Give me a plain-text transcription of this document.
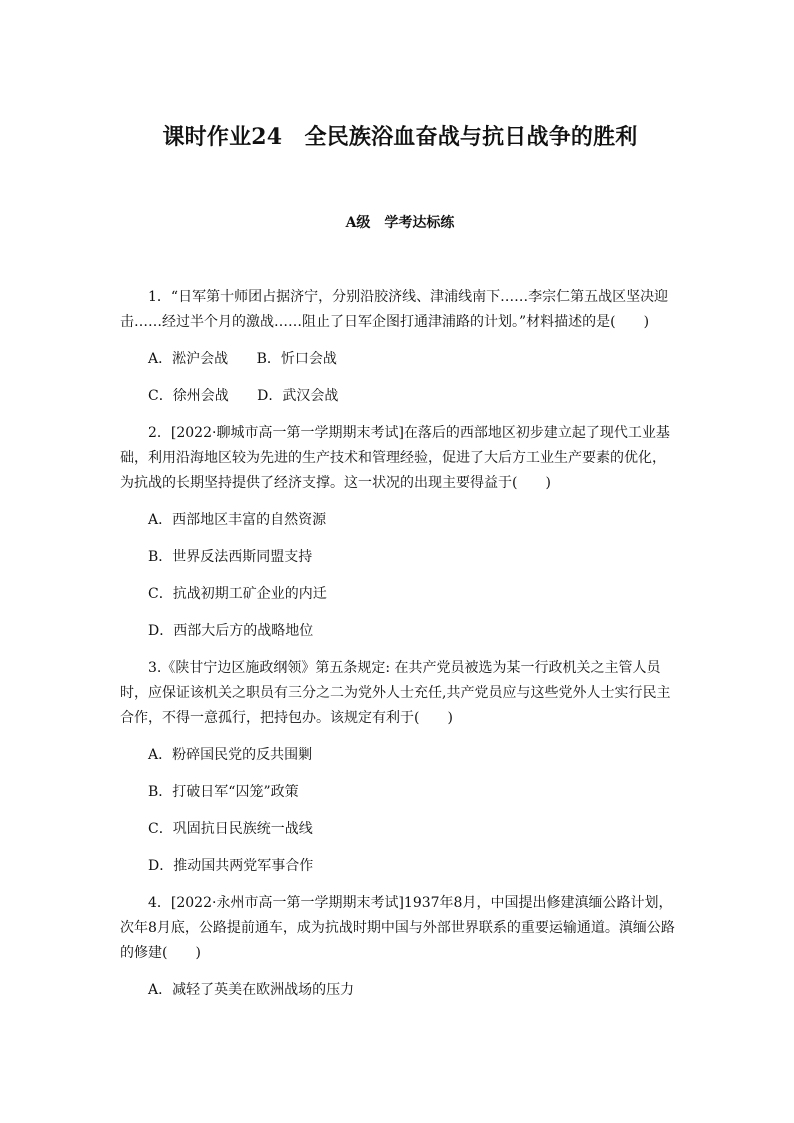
课时作业24　全民族浴血奋战与抗日战争的胜利
A级　学考达标练

1．“日军第十师团占据济宁，分别沿胶济线、津浦线南下……李宗仁第五战区坚决迎击……经过半个月的激战……阻止了日军企图打通津浦路的计划。”材料描述的是(　　)

A．淞沪会战 B．忻口会战
C．徐州会战 D．武汉会战

2．[2022·聊城市高一第一学期期末考试]在落后的西部地区初步建立起了现代工业基础，利用沿海地区较为先进的生产技术和管理经验，促进了大后方工业生产要素的优化，为抗战的长期坚持提供了经济支撑。这一状况的出现主要得益于(　　)

A．西部地区丰富的自然资源
B．世界反法西斯同盟支持
C．抗战初期工矿企业的内迁
D．西部大后方的战略地位

3.《陕甘宁边区施政纲领》第五条规定: 在共产党员被选为某一行政机关之主管人员时，应保证该机关之职员有三分之二为党外人士充任,共产党员应与这些党外人士实行民主合作，不得一意孤行，把持包办。该规定有利于(　　)

A．粉碎国民党的反共围剿
B．打破日军“囚笼”政策
C．巩固抗日民族统一战线
D．推动国共两党军事合作

4．[2022·永州市高一第一学期期末考试]1937年8月，中国提出修建滇缅公路计划，次年8月底，公路提前通车，成为抗战时期中国与外部世界联系的重要运输通道。滇缅公路的修建(　　)

A．减轻了英美在欧洲战场的压力
